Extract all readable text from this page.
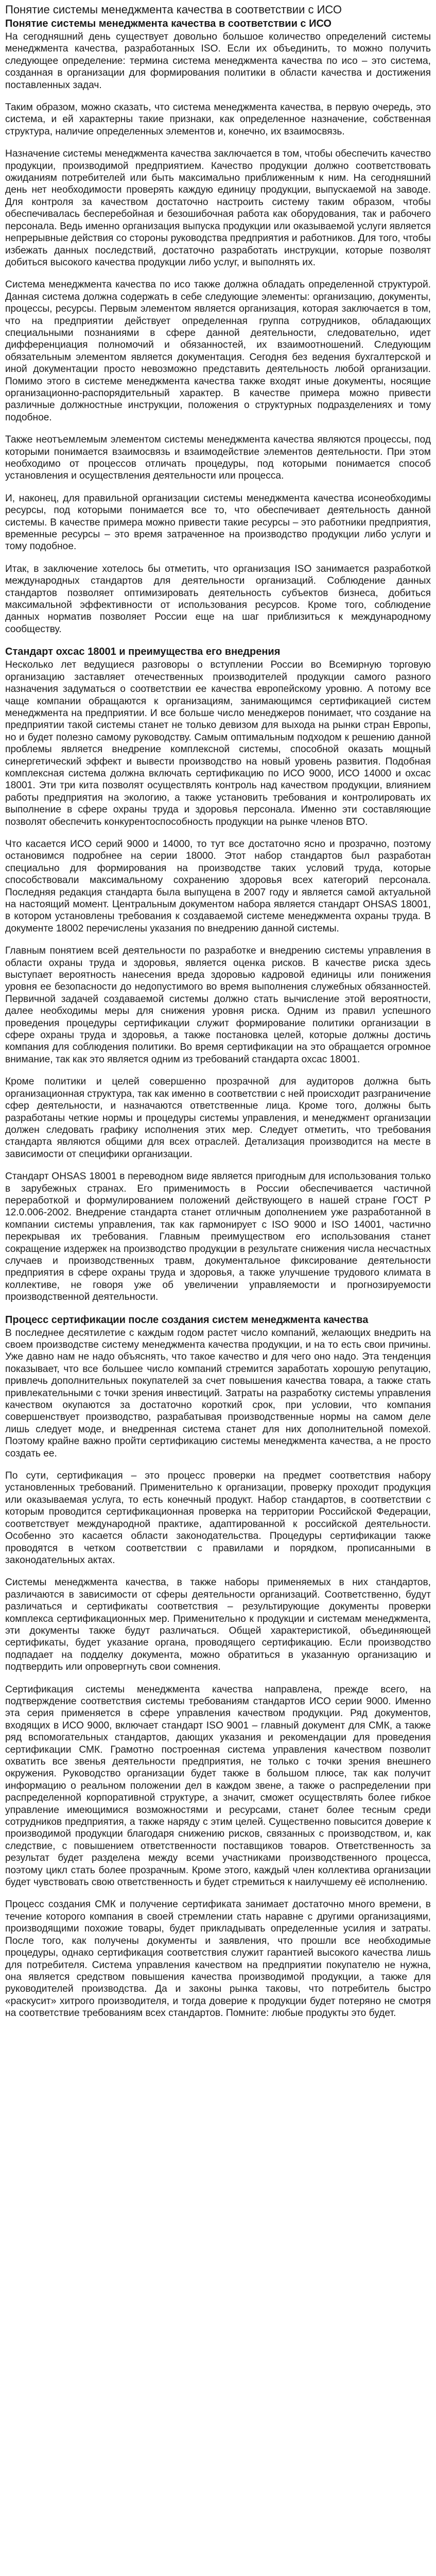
Понятие системы менеджмента качества в соответствии с ИСО
Понятие системы менеджмента качества в соответствии с ИСО

На сегодняшний день существует довольно большое количество определений системы менеджмента качества, разработанных ISO. Если их объединить, то можно получить следующее определение: термина система менеджмента качества по исо – это система, созданная в организации для формирования политики в области качества и достижения поставленных задач.

Таким образом, можно сказать, что система менеджмента качества, в первую очередь, это система, и ей характерны такие признаки, как определенное назначение, собственная структура, наличие определенных элементов и, конечно, их взаимосвязь.

Назначение системы менеджмента качества заключается в том, чтобы обеспечить качество продукции, производимой предприятием. Качество продукции должно соответствовать ожиданиям потребителей или быть максимально приближенным к ним. На сегодняшний день нет необходимости проверять каждую единицу продукции, выпускаемой на заводе. Для контроля за качеством достаточно настроить систему таким образом, чтобы обеспечивалась бесперебойная и безошибочная работа как оборудования, так и рабочего персонала. Ведь именно организация выпуска продукции или оказываемой услуги является непрерывные действия со стороны руководства предприятия и работников. Для того, чтобы избежать данных последствий, достаточно разработать инструкции, которые позволят добиться высокого качества продукции либо услуг, и выполнять их.

Система менеджмента качества по исо также должна обладать определенной структурой. Данная система должна содержать в себе следующие элементы: организацию, документы, процессы, ресурсы. Первым элементом является организация, которая заключается в том, что на предприятии действует определенная группа сотрудников, обладающих специальными познаниями в сфере данной деятельности, следовательно, идет дифференциация полномочий и обязанностей, их взаимоотношений. Следующим обязательным элементом является документация. Сегодня без ведения бухгалтерской и иной документации просто невозможно представить деятельность любой организации. Помимо этого в системе менеджмента качества также входят иные документы, носящие организационно-распорядительный характер. В качестве примера можно привести различные должностные инструкции, положения о структурных подразделениях и тому подобное.

Также неотъемлемым элементом системы менеджмента качества являются процессы, под которыми понимается взаимосвязь и взаимодействие элементов деятельности. При этом необходимо от процессов отличать процедуры, под которыми понимается способ установления и осуществления деятельности или процесса.

И, наконец, для правильной организации системы менеджмента качества исонеобходимы ресурсы, под которыми понимается все то, что обеспечивает деятельность данной системы. В качестве примера можно привести такие ресурсы – это работники предприятия, временные ресурсы – это время затраченное на производство продукции либо услуги и тому подобное.

Итак, в заключение хотелось бы отметить, что организация ISO занимается разработкой международных стандартов для деятельности организаций. Соблюдение данных стандартов позволяет оптимизировать деятельность субъектов бизнеса, добиться максимальной эффективности от использования ресурсов. Кроме того, соблюдение данных норматив позволяет России еще на шаг приблизиться к международному сообществу.

Стандарт охсас 18001 и преимущества его внедрения

Несколько лет ведущиеся разговоры о вступлении России во Всемирную торговую организацию заставляет отечественных производителей продукции самого разного назначения задуматься о соответствии ее качества европейскому уровню. А потому все чаще компании обращаются к организациям, занимающимся сертификацией систем менеджмента на предприятии. И все больше число менеджеров понимает, что создание на предприятии такой системы станет не только девизом для выхода на рынки стран Европы, но и будет полезно самому руководству. Самым оптимальным подходом к решению данной проблемы является внедрение комплексной системы, способной оказать мощный синергетический эффект и вывести производство на новый уровень развития. Подобная комплексная система должна включать сертификацию по ИСО 9000, ИСО 14000 и охсас 18001. Эти три кита позволят осуществлять контроль над качеством продукции, влиянием работы предприятия на экологию, а также установить требования и контролировать их выполнение в сфере охраны труда и здоровья персонала. Именно эти составляющие позволят обеспечить конкурентоспособность продукции на рынке членов ВТО.

Что касается ИСО серий 9000 и 14000, то тут все достаточно ясно и прозрачно, поэтому остановимся подробнее на серии 18000. Этот набор стандартов был разработан специально для формирования на производстве таких условий труда, которые способствовали максимальному сохранению здоровья всех категорий персонала. Последняя редакция стандарта была выпущена в 2007 году и является самой актуальной на настоящий момент. Центральным документом набора является стандарт OHSAS 18001, в котором установлены требования к создаваемой системе менеджмента охраны труда. В документе 18002 перечислены указания по внедрению данной системы.

Главным понятием всей деятельности по разработке и внедрению системы управления в области охраны труда и здоровья, является оценка рисков. В качестве риска здесь выступает вероятность нанесения вреда здоровью кадровой единицы или понижения уровня ее безопасности до недопустимого во время выполнения служебных обязанностей. Первичной задачей создаваемой системы должно стать вычисление этой вероятности, далее необходимы меры для снижения уровня риска. Одним из правил успешного проведения процедуры сертификации служит формирование политики организации в сфере охраны труда и здоровья, а также постановка целей, которые должны достичь компания для соблюдения политики. Во время сертификации на это обращается огромное внимание, так как это является одним из требований стандарта охсас 18001.

Кроме политики и целей совершенно прозрачной для аудиторов должна быть организационная структура, так как именно в соответствии с ней происходит разграничение сфер деятельности, и назначаются ответственные лица. Кроме того, должны быть разработаны четкие нормы и процедуры системы управления, и менеджмент организации должен следовать графику исполнения этих мер. Следует отметить, что требования стандарта являются общими для всех отраслей. Детализация производится на месте в зависимости от специфики организации.

Стандарт OHSAS 18001 в переводном виде является пригодным для использования только в зарубежных странах. Его применимость в России обеспечивается частичной переработкой и формулированием положений действующего в нашей стране ГОСТ Р 12.0.006-2002. Внедрение стандарта станет отличным дополнением уже разработанной в компании системы управления, так как гармонирует с ISO 9000 и ISO 14001, частично перекрывая их требования. Главным преимуществом его использования станет сокращение издержек на производство продукции в результате снижения числа несчастных случаев и производственных травм, документальное фиксирование деятельности предприятия в сфере охраны труда и здоровья, а также улучшение трудового климата в коллективе, не говоря уже об увеличении управляемости и прогнозируемости производственной деятельности.

Процесс сертификации после создания систем менеджмента качества

В последнее десятилетие с каждым годом растет число компаний, желающих внедрить на своем производстве систему менеджмента качества продукции, и на то есть свои причины. Уже давно нам не надо объяснять, что такое качество и для чего оно надо. Эта тенденция показывает, что все большее число компаний стремится заработать хорошую репутацию, привлечь дополнительных покупателей за счет повышения качества товара, а также стать привлекательными с точки зрения инвестиций. Затраты на разработку системы управления качеством окупаются за достаточно короткий срок, при условии, что компания совершенствует производство, разрабатывая производственные нормы на самом деле лишь следует моде, и внедренная система станет для них дополнительной помехой. Поэтому крайне важно пройти сертификацию системы менеджмента качества, а не просто создать ее.

По сути, сертификация – это процесс проверки на предмет соответствия набору установленных требований. Применительно к организации, проверку проходит продукция или оказываемая услуга, то есть конечный продукт. Набор стандартов, в соответствии с которым проводится сертификационная проверка на территории Российской Федерации, соответствует международной практике, адаптированной к российской деятельности. Особенно это касается области законодательства. Процедуры сертификации также проводятся в четком соответствии с правилами и порядком, прописанными в законодательных актах.

Системы менеджмента качества, в также наборы применяемых в них стандартов, различаются в зависимости от сферы деятельности организаций. Соответственно, будут различаться и сертификаты соответствия – результирующие документы проверки комплекса сертификационных мер. Применительно к продукции и системам менеджмента, эти документы также будут различаться. Общей характеристикой, объединяющей сертификаты, будет указание органа, проводящего сертификацию. Если производство подпадает на подделку документа, можно обратиться в указанную организацию и подтвердить или опровергнуть свои сомнения.

Сертификация системы менеджмента качества направлена, прежде всего, на подтверждение соответствия системы требованиям стандартов ИСО серии 9000. Именно эта серия применяется в сфере управления качеством продукции. Ряд документов, входящих в ИСО 9000, включает стандарт ISO 9001 – главный документ для СМК, а также ряд вспомогательных стандартов, дающих указания и рекомендации для проведения сертификации СМК. Грамотно построенная система управления качеством позволит охватить все звенья деятельности предприятия, не только с точки зрения внешнего окружения. Руководство организации будет также в большом плюсе, так как получит информацию о реальном положении дел в каждом звене, а также о распределении при распределенной корпоративной структуре, а значит, сможет осуществлять более гибкое управление имеющимися возможностями и ресурсами, станет более тесным среди сотрудников предприятия, а также наряду с этим целей. Существенно повысится доверие к производимой продукции благодаря снижению рисков, связанных с производством, и, как следствие, с повышением ответственности поставщиков товаров. Ответственность за результат будет разделена между всеми участниками производственного процесса, поэтому цикл стать более прозрачным. Кроме этого, каждый член коллектива организации будет чувствовать свою ответственность и будет стремиться к наилучшему её исполнению.

Процесс создания СМК и получение сертификата занимает достаточно много времени, в течение которого компания в своей стремлении стать наравне с другими организациями, производящими похожие товары, будет прикладывать определенные усилия и затраты. После того, как получены документы и заявления, что прошли все необходимые процедуры, однако сертификация соответствия служит гарантией высокого качества лишь для потребителя. Система управления качеством на предприятии покупателю не нужна, она является средством повышения качества производимой продукции, а также для руководителей производства. Да и законы рынка таковы, что потребитель быстро «раскусит» хитрого производителя, и тогда доверие к продукции будет потеряно не смотря на соответствие требованиям всех стандартов. Помните: любые продукты это будет.
